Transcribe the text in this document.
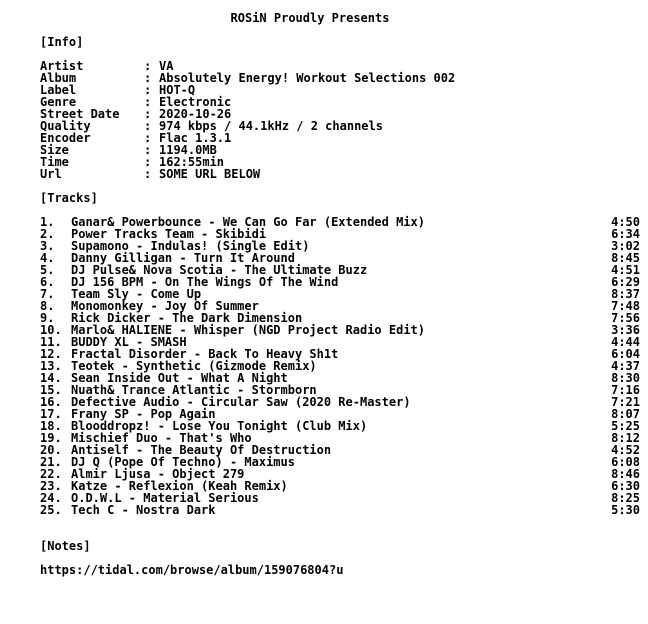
ROSiN Proudly Presents
[Info]
Artist	: VA
Album	: Absolutely Energy! Workout Selections 002
Label	: HOT-Q
Genre	: Electronic
Street Date : 2020-10-26
Quality	: 974 kbps / 44.1kHz / 2 channels
Encoder	: Flac 1.3.1
Size	: 1194.0MB
Time	: 162:55min
Url	: SOME URL BELOW
[Tracks]
1. Ganar& Powerbounce - We Can Go Far (Extended Mix)	4:50
2. Power Tracks Team - Skibidi	6:34
3. Supamono - Indulas! (Single Edit)	3:02
4. Danny Gilligan - Turn It Around	8:45
5. DJ Pulse& Nova Scotia - The Ultimate Buzz	4:51
6. DJ 156 BPM - On The Wings Of The Wind	6:29
7. Team Sly - Come Up	8:37
8. Monomonkey - Joy Of Summer	7:48
9. Rick Dicker - The Dark Dimension	7:56
10. Marlo& HALIENE - Whisper (NGD Project Radio Edit)	3:36
11. BUDDY XL - SMASH	4:44
12. Fractal Disorder - Back To Heavy Sh1t	6:04
13. Teotek - Synthetic (Gizmode Remix)	4:37
14. Sean Inside Out - What A Night	8:30
15. Nuath& Trance Atlantic - Stormborn	7:16
16. Defective Audio - Circular Saw (2020 Re-Master)	7:21
17. Frany SP - Pop Again	8:07
18. Blooddropz! - Lose You Tonight (Club Mix)	5:25
19. Mischief Duo - That's Who	8:12
20. Antiself - The Beauty Of Destruction	4:52
21. DJ Q (Pope Of Techno) - Maximus	6:08
22. Almir Ljusa - Object 279	8:46
23. Katze - Reflexion (Keah Remix)	6:30
24. O.D.W.L - Material Serious	8:25
25. Tech C - Nostra Dark	5:30
[Notes]
https://tidal.com/browse/album/159076804?u
